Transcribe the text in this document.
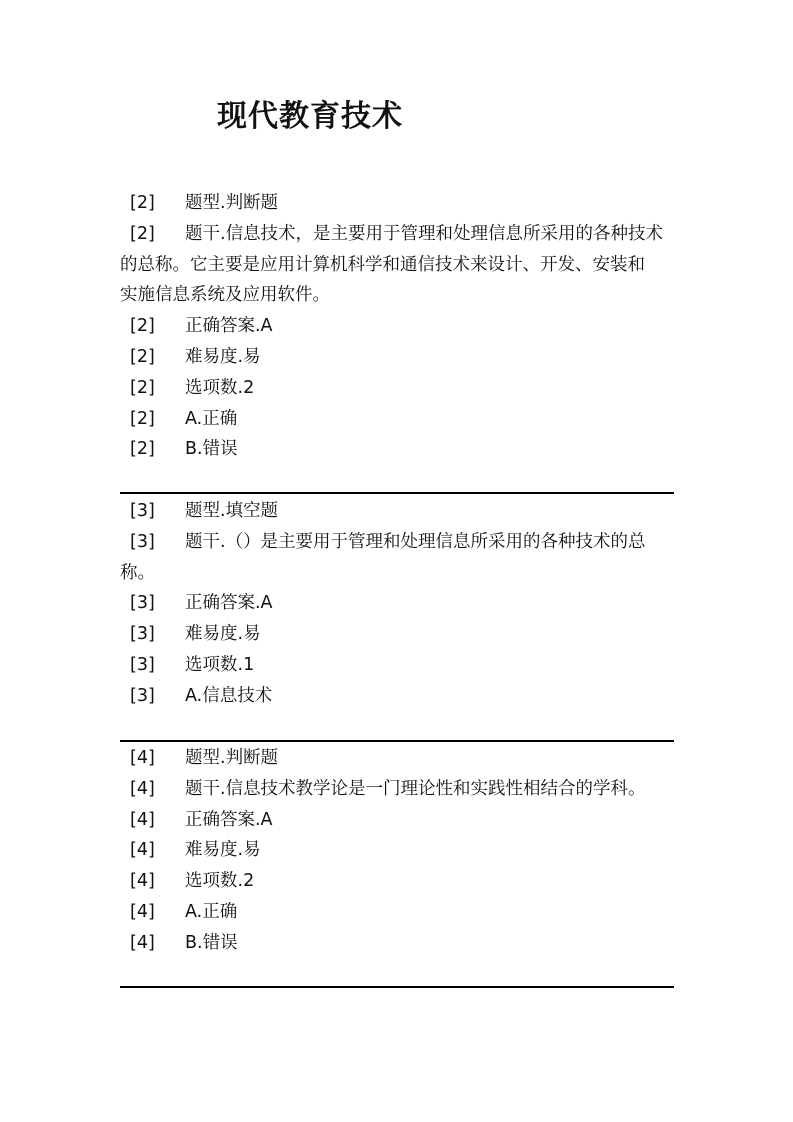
现代教育技术
[2] 题型.判断题
[2] 题干.信息技术，是主要用于管理和处理信息所采用的各种技术
的总称。它主要是应用计算机科学和通信技术来设计、开发、安装和
实施信息系统及应用软件。
[2] 正确答案.A
[2] 难易度.易
[2] 选项数.2
[2] A.正确
[2] B.错误
[3] 题型.填空题
[3] 题干.（）是主要用于管理和处理信息所采用的各种技术的总
称。
[3] 正确答案.A
[3] 难易度.易
[3] 选项数.1
[3] A.信息技术
[4] 题型.判断题
[4] 题干.信息技术教学论是一门理论性和实践性相结合的学科。
[4] 正确答案.A
[4] 难易度.易
[4] 选项数.2
[4] A.正确
[4] B.错误
